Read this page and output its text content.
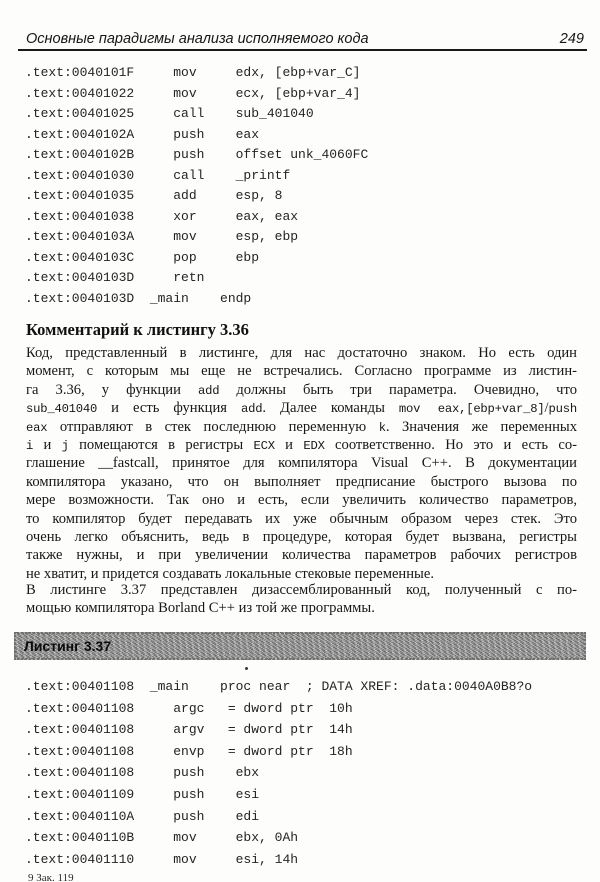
Основные парадигмы анализа исполняемого кода	249
.text:0040101F     mov     edx, [ebp+var_C]
.text:00401022     mov     ecx, [ebp+var_4]
.text:00401025     call    sub_401040
.text:0040102A     push    eax
.text:0040102B     push    offset unk_4060FC
.text:00401030     call    _printf
.text:00401035     add     esp, 8
.text:00401038     xor     eax, eax
.text:0040103A     mov     esp, ebp
.text:0040103C     pop     ebp
.text:0040103D     retn
.text:0040103D  _main    endp
Комментарий к листингу 3.36
Код, представленный в листинге, для нас достаточно знаком. Но есть один
момент, с которым мы еще не встречались. Согласно программе из листин-
га 3.36, у функции add должны быть три параметра. Очевидно, что
sub_401040 и есть функция add. Далее команды mov eax,[ebp+var_8]/push
eax отправляют в стек последнюю переменную k. Значения же переменных
i и j помещаются в регистры ECX и EDX соответственно. Но это и есть со-
глашение __fastcall, принятое для компилятора Visual C++. В документации
компилятора указано, что он выполняет предписание быстрого вызова по
мере возможности. Так оно и есть, если увеличить количество параметров,
то компилятор будет передавать их уже обычным образом через стек. Это
очень легко объяснить, ведь в процедуре, которая будет вызвана, регистры
также нужны, и при увеличении количества параметров рабочих регистров
не хватит, и придется создавать локальные стековые переменные.
В листинге 3.37 представлен дизассемблированный код, полученный с по-
мощью компилятора Borland C++ из той же программы.
Листинг 3.37
.text:00401108  _main    proc near  ; DATA XREF: .data:0040A0B8?o
.text:00401108     argc   = dword ptr  10h
.text:00401108     argv   = dword ptr  14h
.text:00401108     envp   = dword ptr  18h
.text:00401108     push    ebx
.text:00401109     push    esi
.text:0040110A     push    edi
.text:0040110B     mov     ebx, 0Ah
.text:00401110     mov     esi, 14h
9 Зак. 119
